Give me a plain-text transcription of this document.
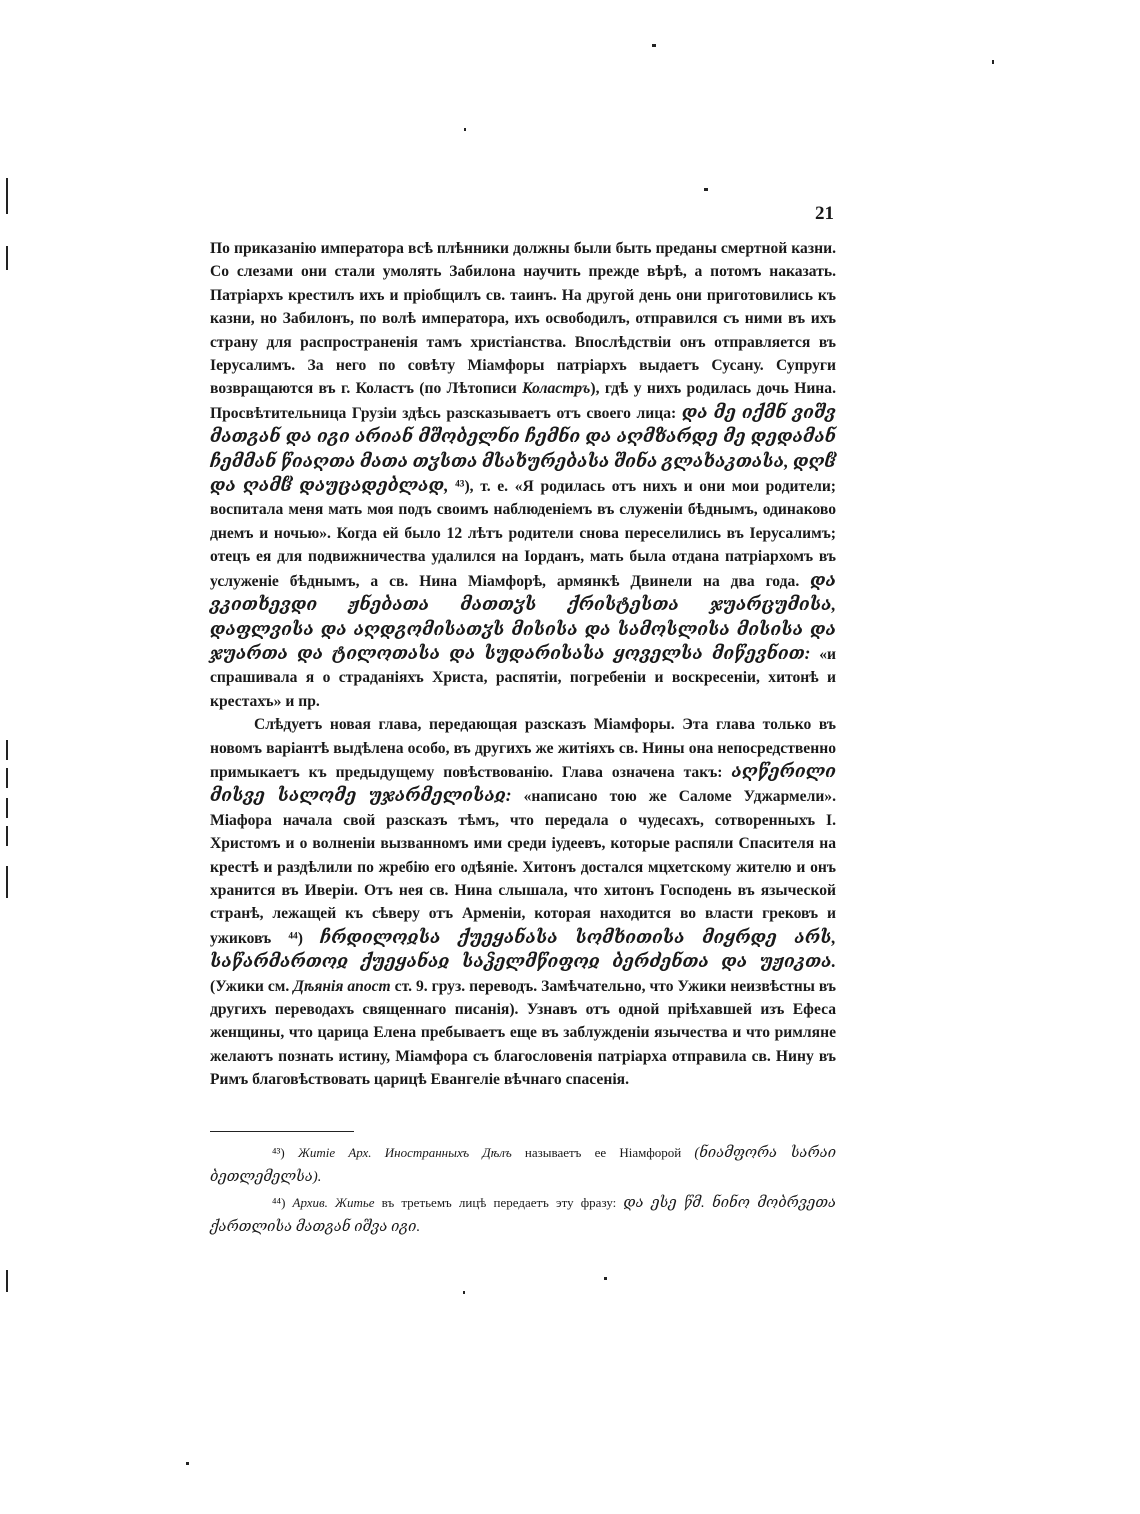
21

По приказанію императора всѣ плѣнники должны были быть преданы смертной казни. Со слезами они стали умолять Забилона научить прежде вѣрѣ, а потомъ наказать. Патріархъ крестилъ ихъ и пріобщилъ св. таинъ. На другой день они приготовились къ казни, но Забилонъ, по волѣ императора, ихъ освободилъ, отправился съ ними въ ихъ страну для распространенія тамъ христіанства. Впослѣдствіи онъ отправляется въ Іерусалимъ. За него по совѣту Міамфоры патріархъ выдаетъ Сусану. Супруги возвращаются въ г. Коластъ (по Лѣтописи Коластръ), гдѣ у нихъ родилась дочь Нина. Просвѣтительница Грузіи здѣсь разсказываетъ отъ своего лица: და მე იქმნ ვიშვ მათგან და იგი არიან მშობელნი ჩემნი და აღმზარდე მე დედამან ჩემმან წიაღთა მათა თჳსთა მსახურებასა შინა გლახაკთასა, დღჱ და ღამჱ დაუცადებლად, ⁴³), т. е. «Я родилась отъ нихъ и они мои родители; воспитала меня мать моя подъ своимъ наблюденіемъ въ служеніи бѣднымъ, одинаково днемъ и ночью». Когда ей было 12 лѣтъ родители снова переселились въ Іерусалимъ; отецъ ея для подвижничества удалился на Іорданъ, мать была отдана патріархомъ въ услуженіе бѣднымъ, а св. Нина Міамфорѣ, армянкѣ Двинели на два года. და ვკითხევდი ჟნებათა მათთჳს ქრისტესთა ჯუარცუმისა, დაფლვისა და აღდგომისათჳს მისისა და სამოსლისა მისისა და ჯუართა და ტილოთასა და სუდარისასა ყოველსა მიწევნით: «и спрашивала я о страданіяхъ Христа, распятіи, погребеніи и воскресеніи, хитонѣ и крестахъ» и пр.

Слѣдуетъ новая глава, передающая разсказъ Міамфоры. Эта глава только въ новомъ варіантѣ выдѣлена особо, въ другихъ же житіяхъ св. Нины она непосредственно примыкаетъ къ предыдущему повѣствованію. Глава означена такъ: აღწერილი მისვე სალომე უჯარმელისაჲ: «написано тою же Саломе Уджармели». Міафора начала свой разсказъ тѣмъ, что передала о чудесахъ, сотворенныхъ І. Христомъ и о волненіи вызванномъ ими среди іудеевъ, которые распяли Спасителя на крестѣ и раздѣлили по жребію его одѣяніе. Хитонъ достался мцхетскому жителю и онъ хранится въ Иверіи. Отъ нея св. Нина слышала, что хитонъ Господень въ языческой странѣ, лежащей къ сѣверу отъ Арменіи, которая находится во власти грековъ и ужиковъ ⁴⁴) ჩრდილოჲსა ქუეყანასა სომხითისა მიყრდე არს, საწარმართოჲ ქუეყანაჲ საჴელმწიფოჲ ბერძენთა და უჟიკთა. (Ужики см. Дѣянія апост ст. 9. груз. переводъ. Замѣчательно, что Ужики неизвѣстны въ другихъ переводахъ священнаго писанія). Узнавъ отъ одной пріѣхавшей изъ Ефеса женщины, что царица Елена пребываетъ еще въ заблужденіи язычества и что римляне желаютъ познать истину, Міамфора съ благословенія патріарха отправила св. Нину въ Римъ благовѣствовать царицѣ Евангеліе вѣчнаго спасенія.

⁴³) Житіе Арх. Иностранныхъ Дѣлъ называетъ ее Ніамфорой (ნიამფორა სარაი ბეთლემელსა).

⁴⁴) Архив. Житье въ третьемъ лицѣ передаетъ эту фразу: და ესე წმ. ნინო მობრვეთა ქართლისა მათგან იშვა იგი.
